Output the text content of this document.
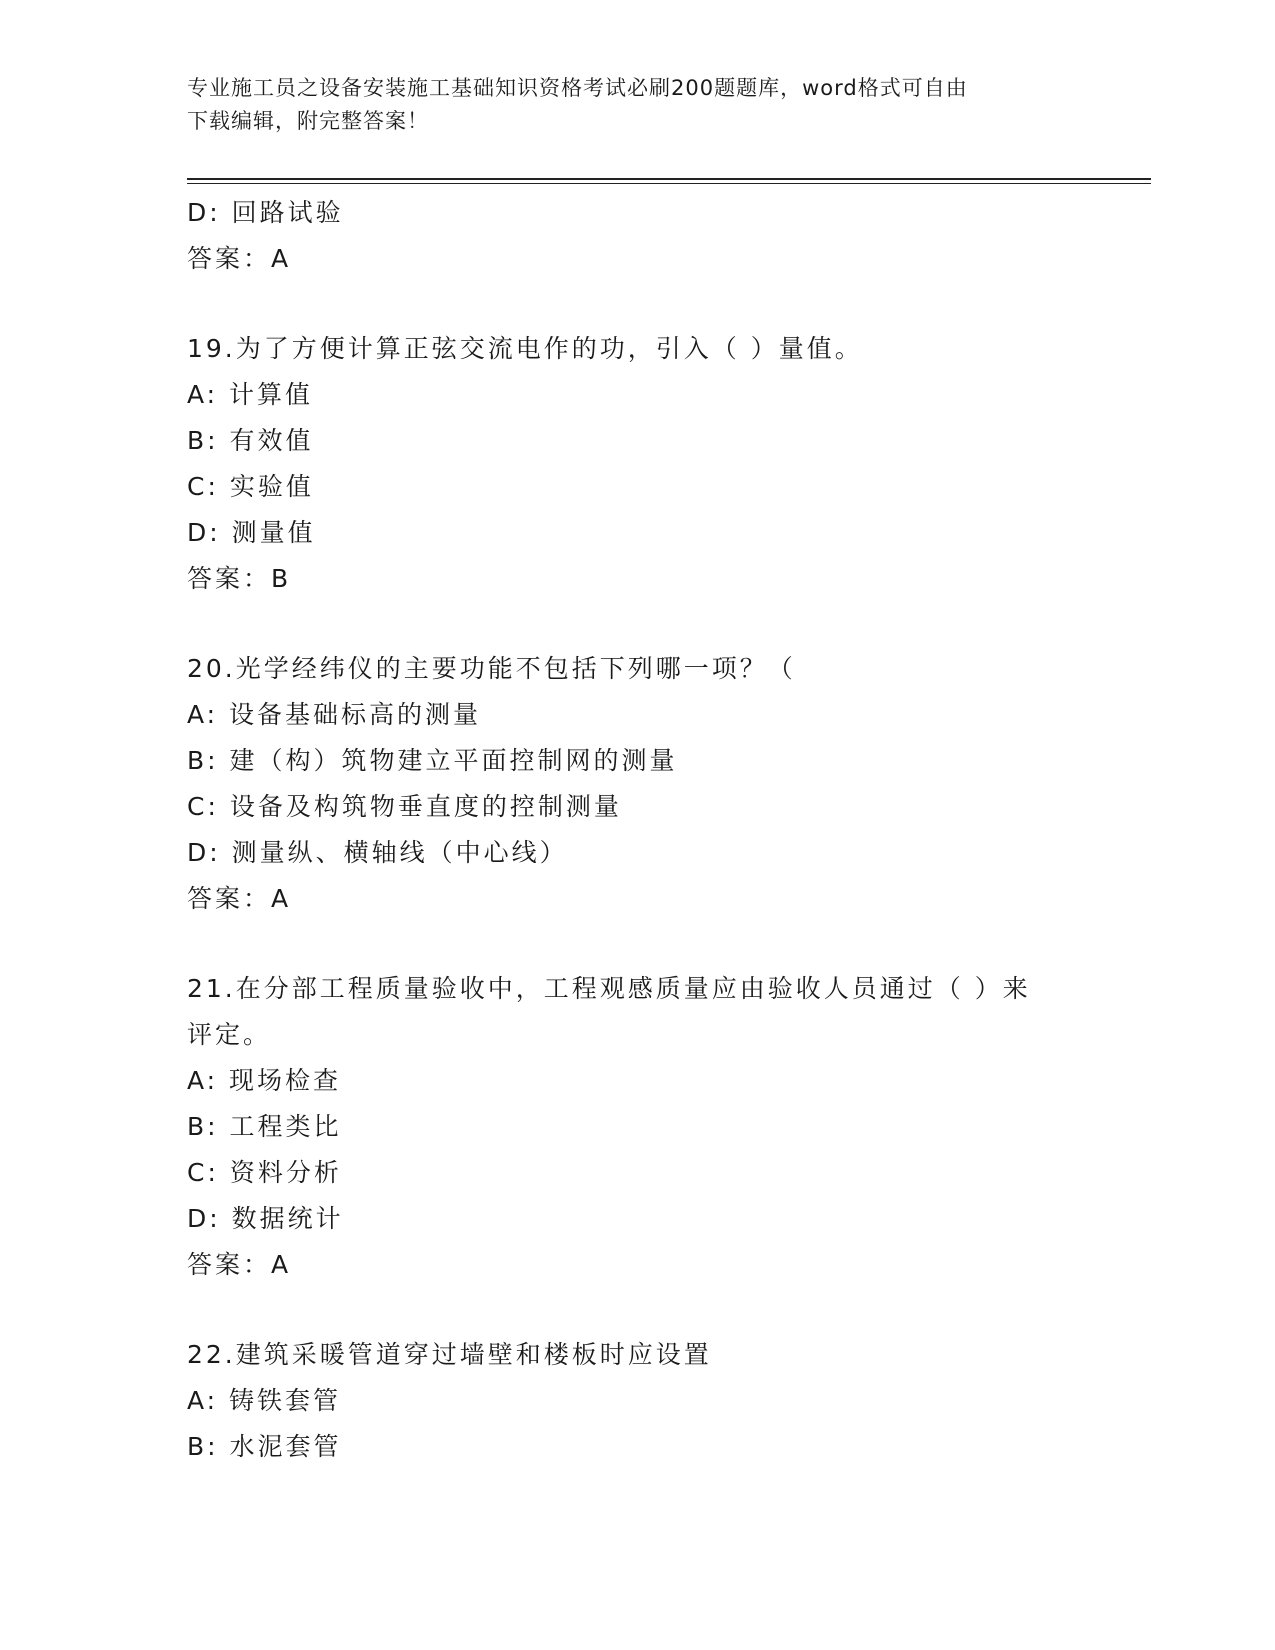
专业施工员之设备安装施工基础知识资格考试必刷200题题库，word格式可自由
下载编辑，附完整答案！
D: 回路试验
答案：A
19.为了方便计算正弦交流电作的功，引入（ ）量值。
A: 计算值
B: 有效值
C: 实验值
D: 测量值
答案：B
20.光学经纬仪的主要功能不包括下列哪一项？（
A: 设备基础标高的测量
B: 建（构）筑物建立平面控制网的测量
C: 设备及构筑物垂直度的控制测量
D: 测量纵、横轴线（中心线）
答案：A
21.在分部工程质量验收中，工程观感质量应由验收人员通过（ ）来
评定。
A: 现场检查
B: 工程类比
C: 资料分析
D: 数据统计
答案：A
22.建筑采暖管道穿过墙壁和楼板时应设置
A: 铸铁套管
B: 水泥套管
